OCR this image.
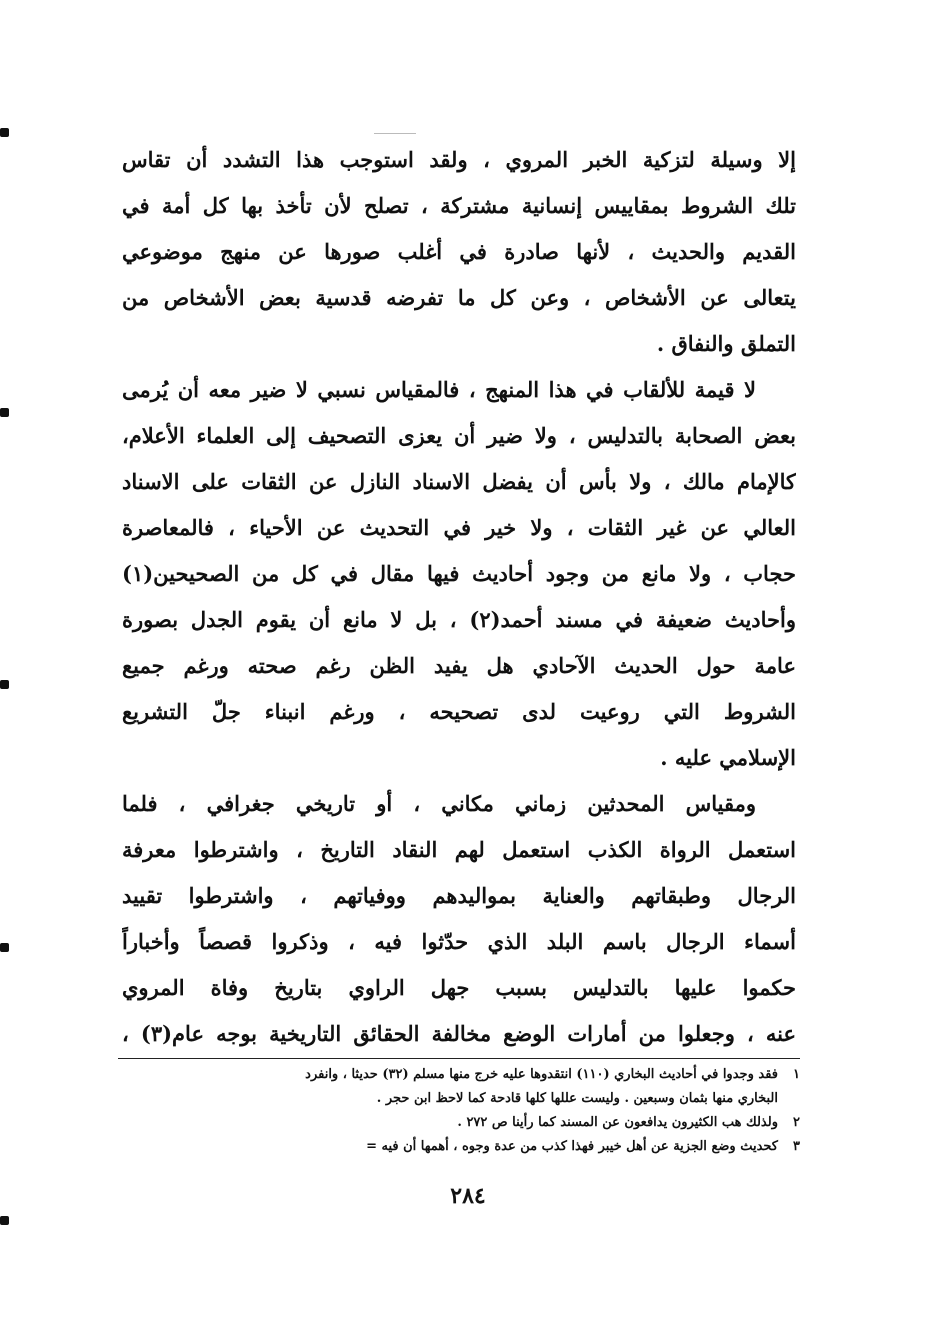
إلا وسيلة لتزكية الخبر المروي ، ولقد استوجب هذا التشدد أن تقاس
تلك الشروط بمقاييس إنسانية مشتركة ، تصلح لأن تأخذ بها كل أمة في
القديم والحديث ، لأنها صادرة في أغلب صورها عن منهج موضوعي
يتعالى عن الأشخاص ، وعن كل ما تفرضه قدسية بعض الأشخاص من
التملق والنفاق .
لا قيمة للألقاب في هذا المنهج ، فالمقياس نسبي لا ضير معه أن يُرمى
بعض الصحابة بالتدليس ، ولا ضير أن يعزى التصحيف إلى العلماء الأعلام،
كالإمام مالك ، ولا بأس أن يفضل الاسناد النازل عن الثقات على الاسناد
العالي عن غير الثقات ، ولا خير في التحديث عن الأحياء ، فالمعاصرة
حجاب ، ولا مانع من وجود أحاديث فيها مقال في كل من الصحيحين(١)
وأحاديث ضعيفة في مسند أحمد(٢) ، بل لا مانع أن يقوم الجدل بصورة
عامة حول الحديث الآحادي هل يفيد الظن رغم صحته ورغم جميع
الشروط التي روعيت لدى تصحيحه ، ورغم انبناء جلّ التشريع
الإسلامي عليه .
ومقياس المحدثين زماني مكاني ، أو تاريخي جغرافي ، فلما
استعمل الرواة الكذب استعمل لهم النقاد التاريخ ، واشترطوا معرفة
الرجال وطبقاتهم والعناية بمواليدهم ووفياتهم ، واشترطوا تقييد
أسماء الرجال باسم البلد الذي حدّثوا فيه ، وذكروا قصصاً وأخباراً
حكموا عليها بالتدليس بسبب جهل الراوي بتاريخ وفاة المروي
عنه ، وجعلوا من أمارات الوضع مخالفة الحقائق التاريخية بوجه عام(٣) ،
١فقد وجدوا في أحاديث البخاري (١١٠) انتقدوها عليه خرج منها مسلم (٣٢) حديثا ، وانفرد
البخاري منها بثمان وسبعين . وليست عللها كلها قادحة كما لاحظ ابن حجر .
٢ولذلك هب الكثيرون يدافعون عن المسند كما رأينا ص ٢٧٢ .
٣كحديث وضع الجزية عن أهل خيبر فهذا كذب من عدة وجوه ، أهمها أن فيه =
٢٨٤
